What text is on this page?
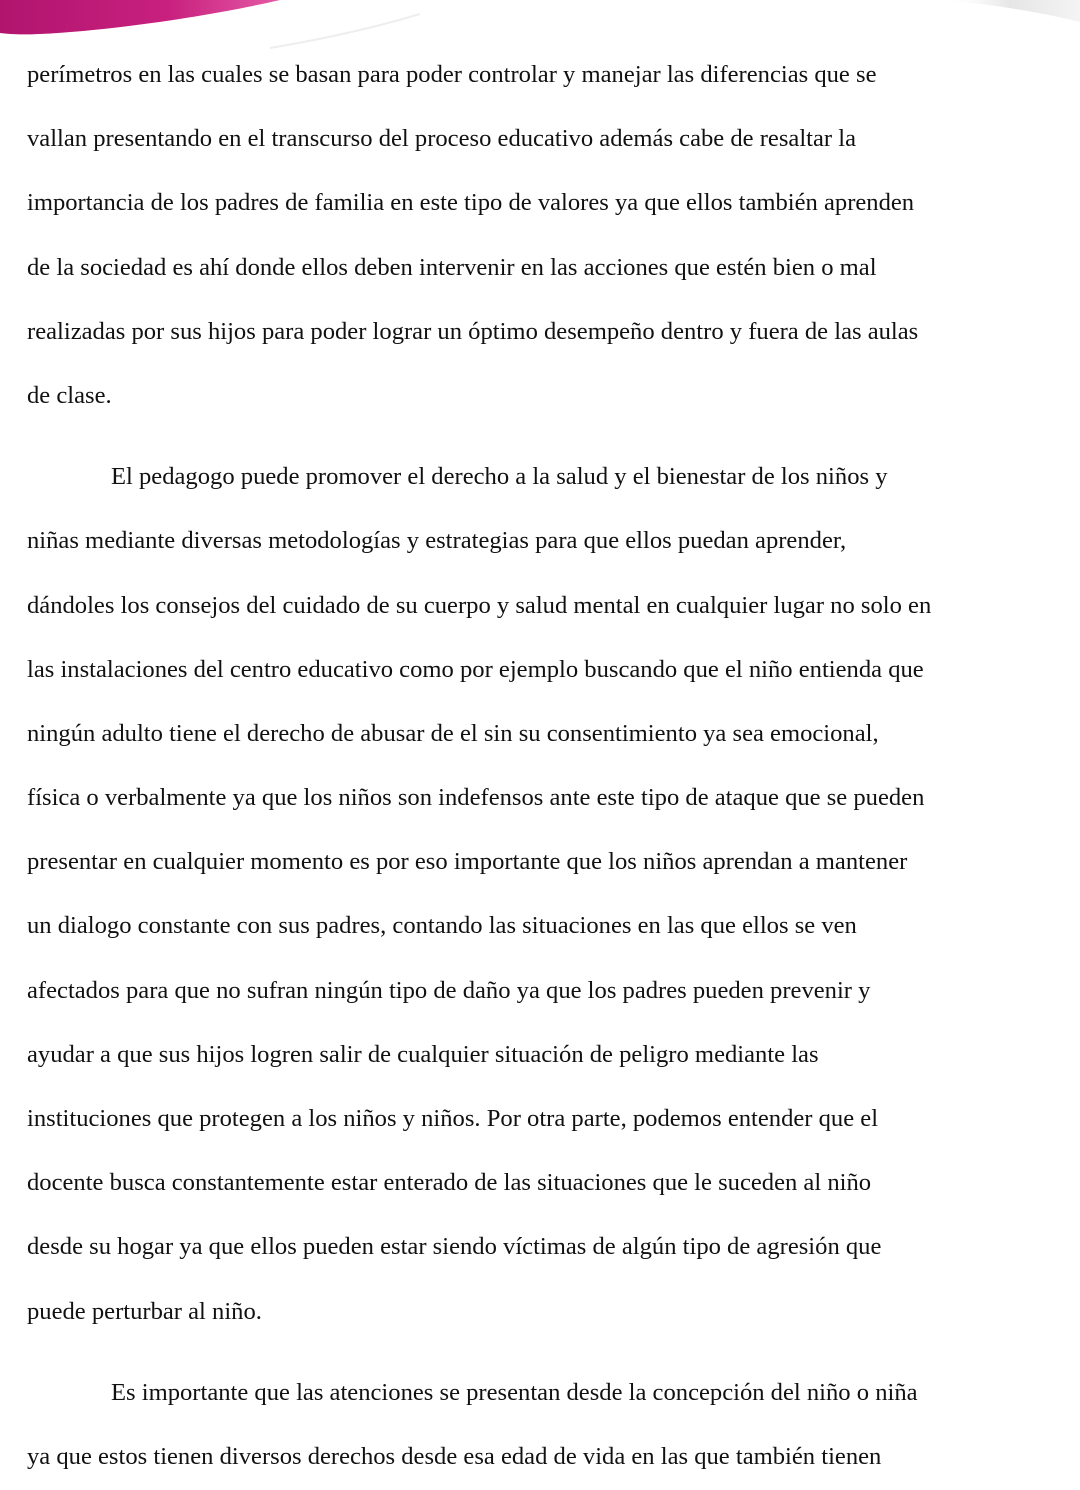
perímetros en las cuales se basan para poder controlar y manejar las diferencias que se
vallan presentando en el transcurso del proceso educativo además cabe de resaltar la
importancia de los padres de familia en este tipo de valores ya que ellos también aprenden
de la sociedad es ahí donde ellos deben intervenir en las acciones que estén bien o mal
realizadas por sus hijos para poder lograr un óptimo desempeño dentro y fuera de las aulas
de clase.
El pedagogo puede promover el derecho a la salud y el bienestar de los niños y
niñas mediante diversas metodologías y estrategias para que ellos puedan aprender,
dándoles los consejos del cuidado de su cuerpo y salud mental en cualquier lugar no solo en
las instalaciones del centro educativo como por ejemplo buscando que el niño entienda que
ningún adulto tiene el derecho de abusar de el sin su consentimiento ya sea emocional,
física o verbalmente ya que los niños son indefensos ante este tipo de ataque que se pueden
presentar en cualquier momento es por eso importante que los niños aprendan a mantener
un dialogo constante con sus padres, contando las situaciones en las que ellos se ven
afectados para que no sufran ningún tipo de daño ya que los padres pueden prevenir y
ayudar a que sus hijos logren salir de cualquier situación de peligro mediante las
instituciones que protegen a los niños y niños. Por otra parte, podemos entender que el
docente busca constantemente estar enterado de las situaciones que le suceden al niño
desde su hogar ya que ellos pueden estar siendo víctimas de algún tipo de agresión que
puede perturbar al niño.
Es importante que las atenciones se presentan desde la concepción del niño o niña
ya que estos tienen diversos derechos desde esa edad de vida en las que también tienen
